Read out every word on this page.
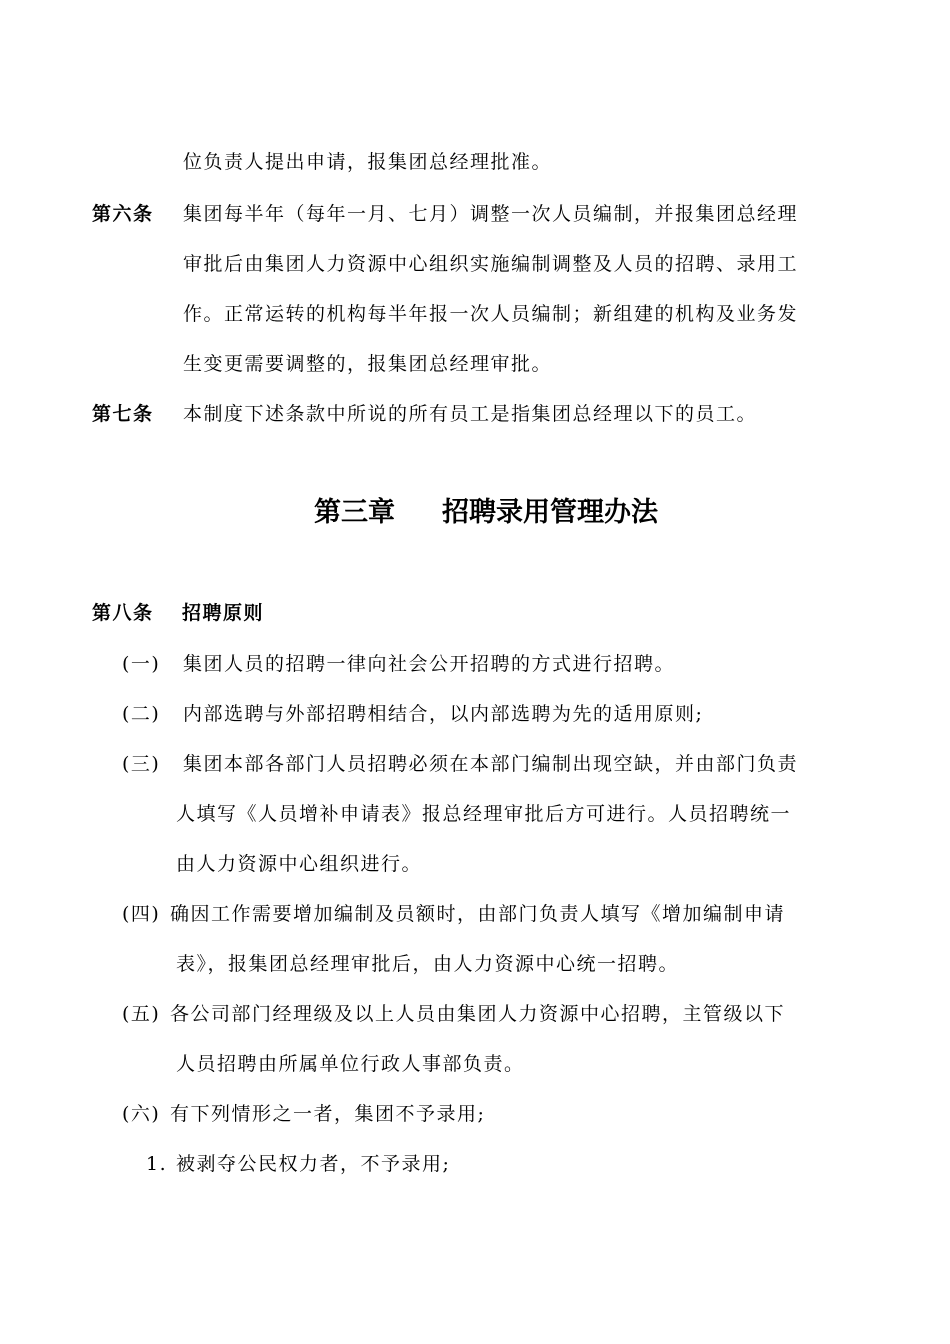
位负责人提出申请，报集团总经理批准。
第六条 集团每半年（每年一月、七月）调整一次人员编制，并报集团总经理
审批后由集团人力资源中心组织实施编制调整及人员的招聘、录用工
作。正常运转的机构每半年报一次人员编制；新组建的机构及业务发
生变更需要调整的，报集团总经理审批。
第七条 本制度下述条款中所说的所有员工是指集团总经理以下的员工。
第三章 招聘录用管理办法
第八条 招聘原则
(一) 集团人员的招聘一律向社会公开招聘的方式进行招聘。
(二) 内部选聘与外部招聘相结合，以内部选聘为先的适用原则;
(三) 集团本部各部门人员招聘必须在本部门编制出现空缺，并由部门负责
人填写《人员增补申请表》报总经理审批后方可进行。人员招聘统一
由人力资源中心组织进行。
(四) 确因工作需要增加编制及员额时，由部门负责人填写《增加编制申请
表》，报集团总经理审批后，由人力资源中心统一招聘。
(五) 各公司部门经理级及以上人员由集团人力资源中心招聘，主管级以下
人员招聘由所属单位行政人事部负责。
(六) 有下列情形之一者，集团不予录用;
1. 被剥夺公民权力者，不予录用;
